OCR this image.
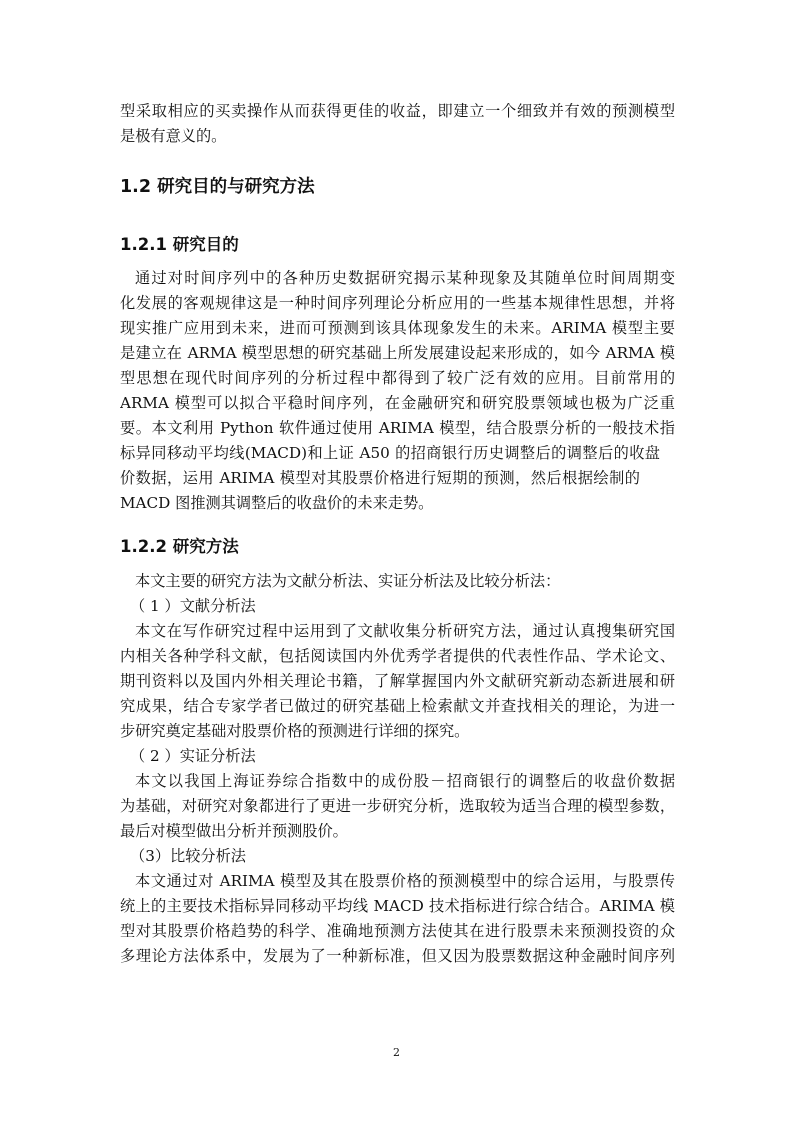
型采取相应的买卖操作从而获得更佳的收益，即建立一个细致并有效的预测模型
是极有意义的。
1.2 研究目的与研究方法
1.2.1 研究目的
通过对时间序列中的各种历史数据研究揭示某种现象及其随单位时间周期变
化发展的客观规律这是一种时间序列理论分析应用的一些基本规律性思想，并将
现实推广应用到未来，进而可预测到该具体现象发生的未来。ARIMA 模型主要
是建立在 ARMA 模型思想的研究基础上所发展建设起来形成的，如今 ARMA 模
型思想在现代时间序列的分析过程中都得到了较广泛有效的应用。目前常用的
ARMA 模型可以拟合平稳时间序列，在金融研究和研究股票领域也极为广泛重
要。本文利用 Python 软件通过使用 ARIMA 模型，结合股票分析的一般技术指
标异同移动平均线(MACD)和上证 A50 的招商银行历史调整后的调整后的收盘
价数据，运用 ARIMA 模型对其股票价格进行短期的预测，然后根据绘制的
MACD 图推测其调整后的收盘价的未来走势。
1.2.2 研究方法
本文主要的研究方法为文献分析法、实证分析法及比较分析法：
（ 1 ）文献分析法
本文在写作研究过程中运用到了文献收集分析研究方法，通过认真搜集研究国
内相关各种学科文献，包括阅读国内外优秀学者提供的代表性作品、学术论文、
期刊资料以及国内外相关理论书籍，了解掌握国内外文献研究新动态新进展和研
究成果，结合专家学者已做过的研究基础上检索献文并查找相关的理论，为进一
步研究奠定基础对股票价格的预测进行详细的探究。
（ 2 ）实证分析法
本文以我国上海证券综合指数中的成份股－招商银行的调整后的收盘价数据
为基础，对研究对象都进行了更进一步研究分析，选取较为适当合理的模型参数，
最后对模型做出分析并预测股价。
（3）比较分析法
本文通过对 ARIMA 模型及其在股票价格的预测模型中的综合运用，与股票传
统上的主要技术指标异同移动平均线 MACD 技术指标进行综合结合。ARIMA 模
型对其股票价格趋势的科学、准确地预测方法使其在进行股票未来预测投资的众
多理论方法体系中，发展为了一种新标准，但又因为股票数据这种金融时间序列
2
